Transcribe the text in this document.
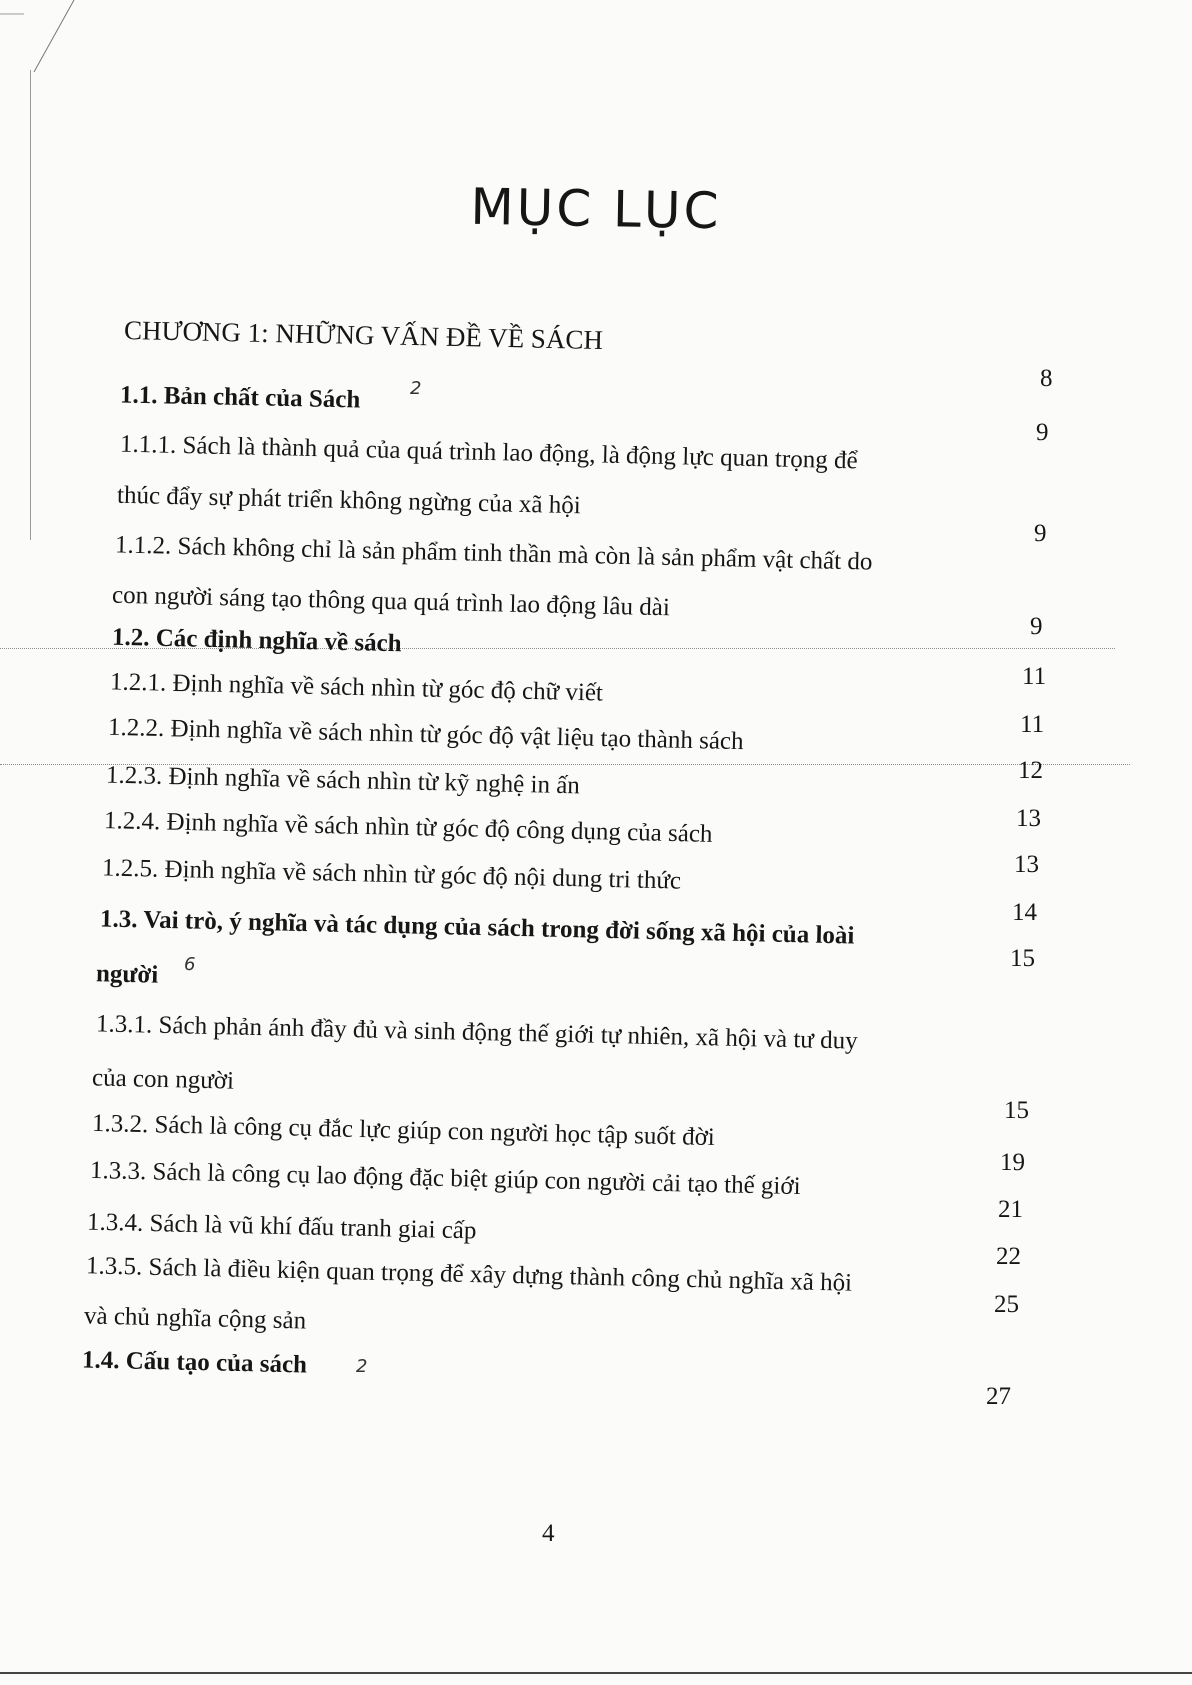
MỤC LỤC
CHƯƠNG 1: NHỮNG VẤN ĐỀ VỀ SÁCH
1.1. Bản chất của Sách	2
1.1.1. Sách là thành quả của quá trình lao động, là động lực quan trọng để
thúc đẩy sự phát triển không ngừng của xã hội
1.1.2. Sách không chỉ là sản phẩm tinh thần mà còn là sản phẩm vật chất do
con người sáng tạo thông qua quá trình lao động lâu dài
1.2. Các định nghĩa về sách
1.2.1. Định nghĩa về sách nhìn từ góc độ chữ viết
1.2.2. Định nghĩa về sách nhìn từ góc độ vật liệu tạo thành sách
1.2.3. Định nghĩa về sách nhìn từ kỹ nghệ in ấn
1.2.4. Định nghĩa về sách nhìn từ góc độ công dụng của sách
1.2.5. Định nghĩa về sách nhìn từ góc độ nội dung tri thức
1.3. Vai trò, ý nghĩa và tác dụng của sách trong đời sống xã hội của loài
người 6
1.3.1. Sách phản ánh đầy đủ và sinh động thế giới tự nhiên, xã hội và tư duy
của con người
1.3.2. Sách là công cụ đắc lực giúp con người học tập suốt đời
1.3.3. Sách là công cụ lao động đặc biệt giúp con người cải tạo thế giới
1.3.4. Sách là vũ khí đấu tranh giai cấp
1.3.5. Sách là điều kiện quan trọng để xây dựng thành công chủ nghĩa xã hội
và chủ nghĩa cộng sản
1.4. Cấu tạo của sách	2
8
9
9
9
11
11
12
13
13
14
15
15
19
21
22
25
27
4
